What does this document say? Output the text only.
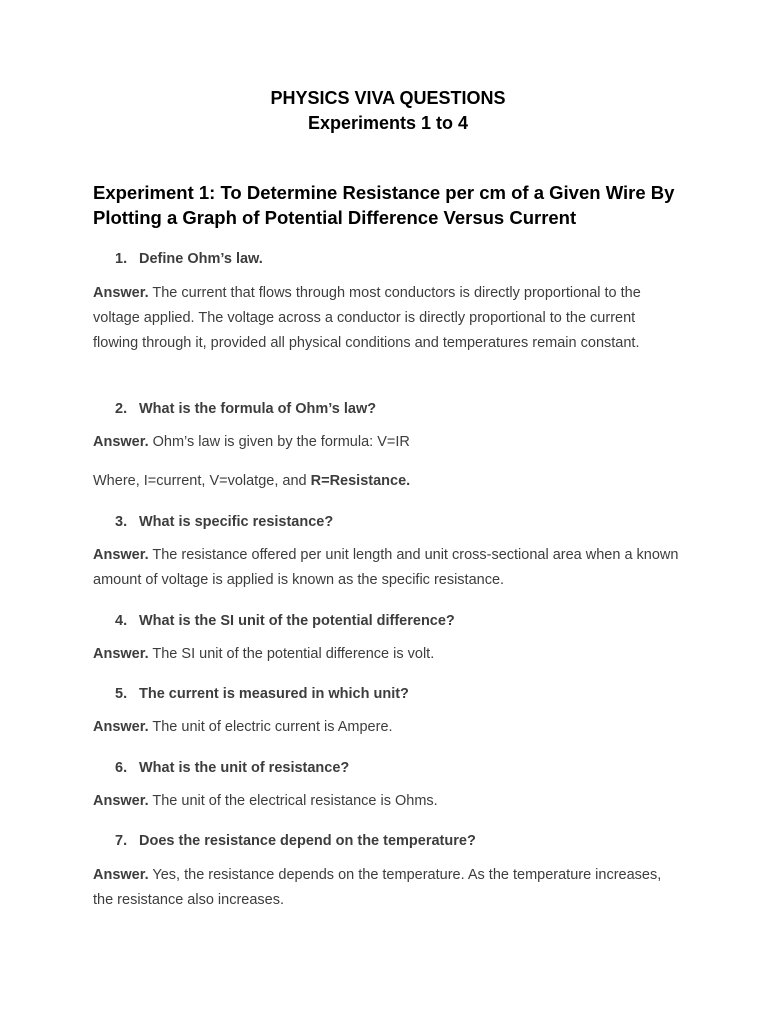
PHYSICS VIVA QUESTIONS

Experiments 1 to 4

Experiment 1: To Determine Resistance per cm of a Given Wire By Plotting a Graph of Potential Difference Versus Current

1. Define Ohm’s law.

Answer. The current that flows through most conductors is directly proportional to the voltage applied. The voltage across a conductor is directly proportional to the current flowing through it, provided all physical conditions and temperatures remain constant.

2. What is the formula of Ohm’s law?

Answer. Ohm’s law is given by the formula: V=IR

Where, I=current, V=volatge, and R=Resistance.

3. What is specific resistance?

Answer. The resistance offered per unit length and unit cross-sectional area when a known amount of voltage is applied is known as the specific resistance.

4. What is the SI unit of the potential difference?

Answer. The SI unit of the potential difference is volt.

5. The current is measured in which unit?

Answer. The unit of electric current is Ampere.

6. What is the unit of resistance?

Answer. The unit of the electrical resistance is Ohms.

7. Does the resistance depend on the temperature?

Answer. Yes, the resistance depends on the temperature. As the temperature increases, the resistance also increases.
